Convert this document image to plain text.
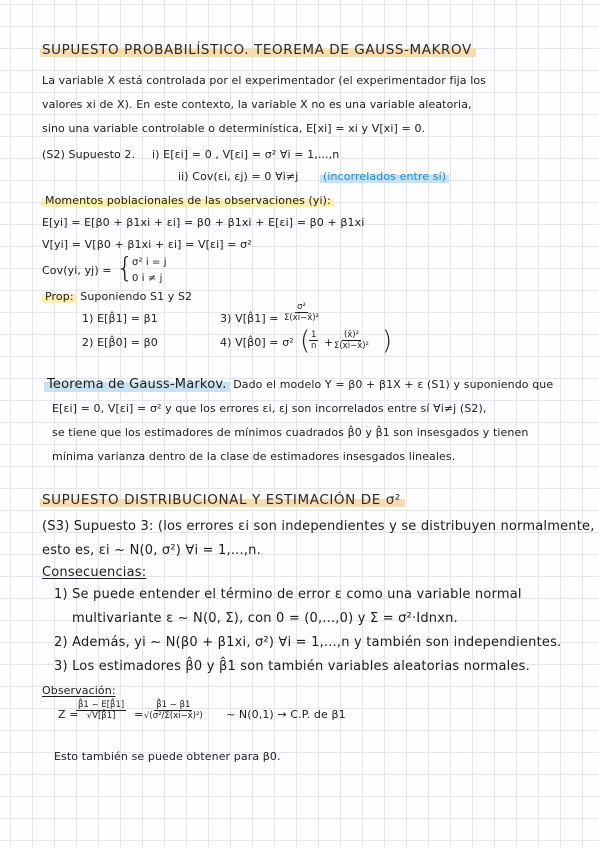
SUPUESTO PROBABILÍSTICO. TEOREMA DE GAUSS-MAKROV
La variable X está controlada por el experimentador (el experimentador fija los
valores xi de X). En este contexto, la variable X no es una variable aleatoria,
sino una variable controlable o determinística, E[xi] = xi y V[xi] = 0.
(S2) Supuesto 2. i) E[εi] = 0 , V[εi] = σ² ∀i = 1,...,n
ii) Cov(εi, εj) = 0 ∀i≠j (incorrelados entre sí)
Momentos poblacionales de las observaciones (yi):
E[yi] = E[β0 + β1xi + εi] = β0 + β1xi + E[εi] = β0 + β1xi
V[yi] = V[β0 + β1xi + εi] = V[εi] = σ²
Cov(yi, yj) = {
σ² i = j
0 i ≠ j
Prop: Suponiendo S1 y S2
1) E[β̂1] = β1
2) E[β̂0] = β0
3) V[β̂1] = $\frac{\text{σ²}}{\text{Σ(xi−x̄)²}}$
4) V[β̂0] = σ² (
$\frac{1}{n} + \frac{\text{(x̄)²}}{\text{Σ(xi−x̄)²}}$ )
Teorema de Gauss-Markov. Dado el modelo Y = β0 + β1X + ε (S1) y suponiendo que
E[εi] = 0, V[εi] = σ² y que los errores εi, εj son incorrelados entre sí ∀i≠j (S2),
se tiene que los estimadores de mínimos cuadrados β̂0 y β̂1 son insesgados y tienen
mínima varianza dentro de la clase de estimadores insesgados lineales.
SUPUESTO DISTRIBUCIONAL Y ESTIMACIÓN DE σ²
(S3) Supuesto 3: (los errores εi son independientes y se distribuyen normalmente,
esto es, εi ~ N(0, σ²) ∀i = 1,...,n.
Consecuencias:
1) Se puede entender el término de error ε como una variable normal
multivariante ε ~ N(0, Σ), con 0 = (0,...,0) y Σ = σ²·Idnxn.
2) Además, yi ~ N(β0 + β1xi, σ²) ∀i = 1,...,n y también son independientes.
3) Los estimadores β̂0 y β̂1 son también variables aleatorias normales.
Observación:
Z =
$\frac{\betâ1 - E[\betâ1]}{√V[\betâ1]} = \frac{\betâ1 - \beta 1}{\text{√(σ²/Σ(xi−x̄)²)}}$ ~ N(0,1) → C.P. de β1
Esto también se puede obtener para β0.
